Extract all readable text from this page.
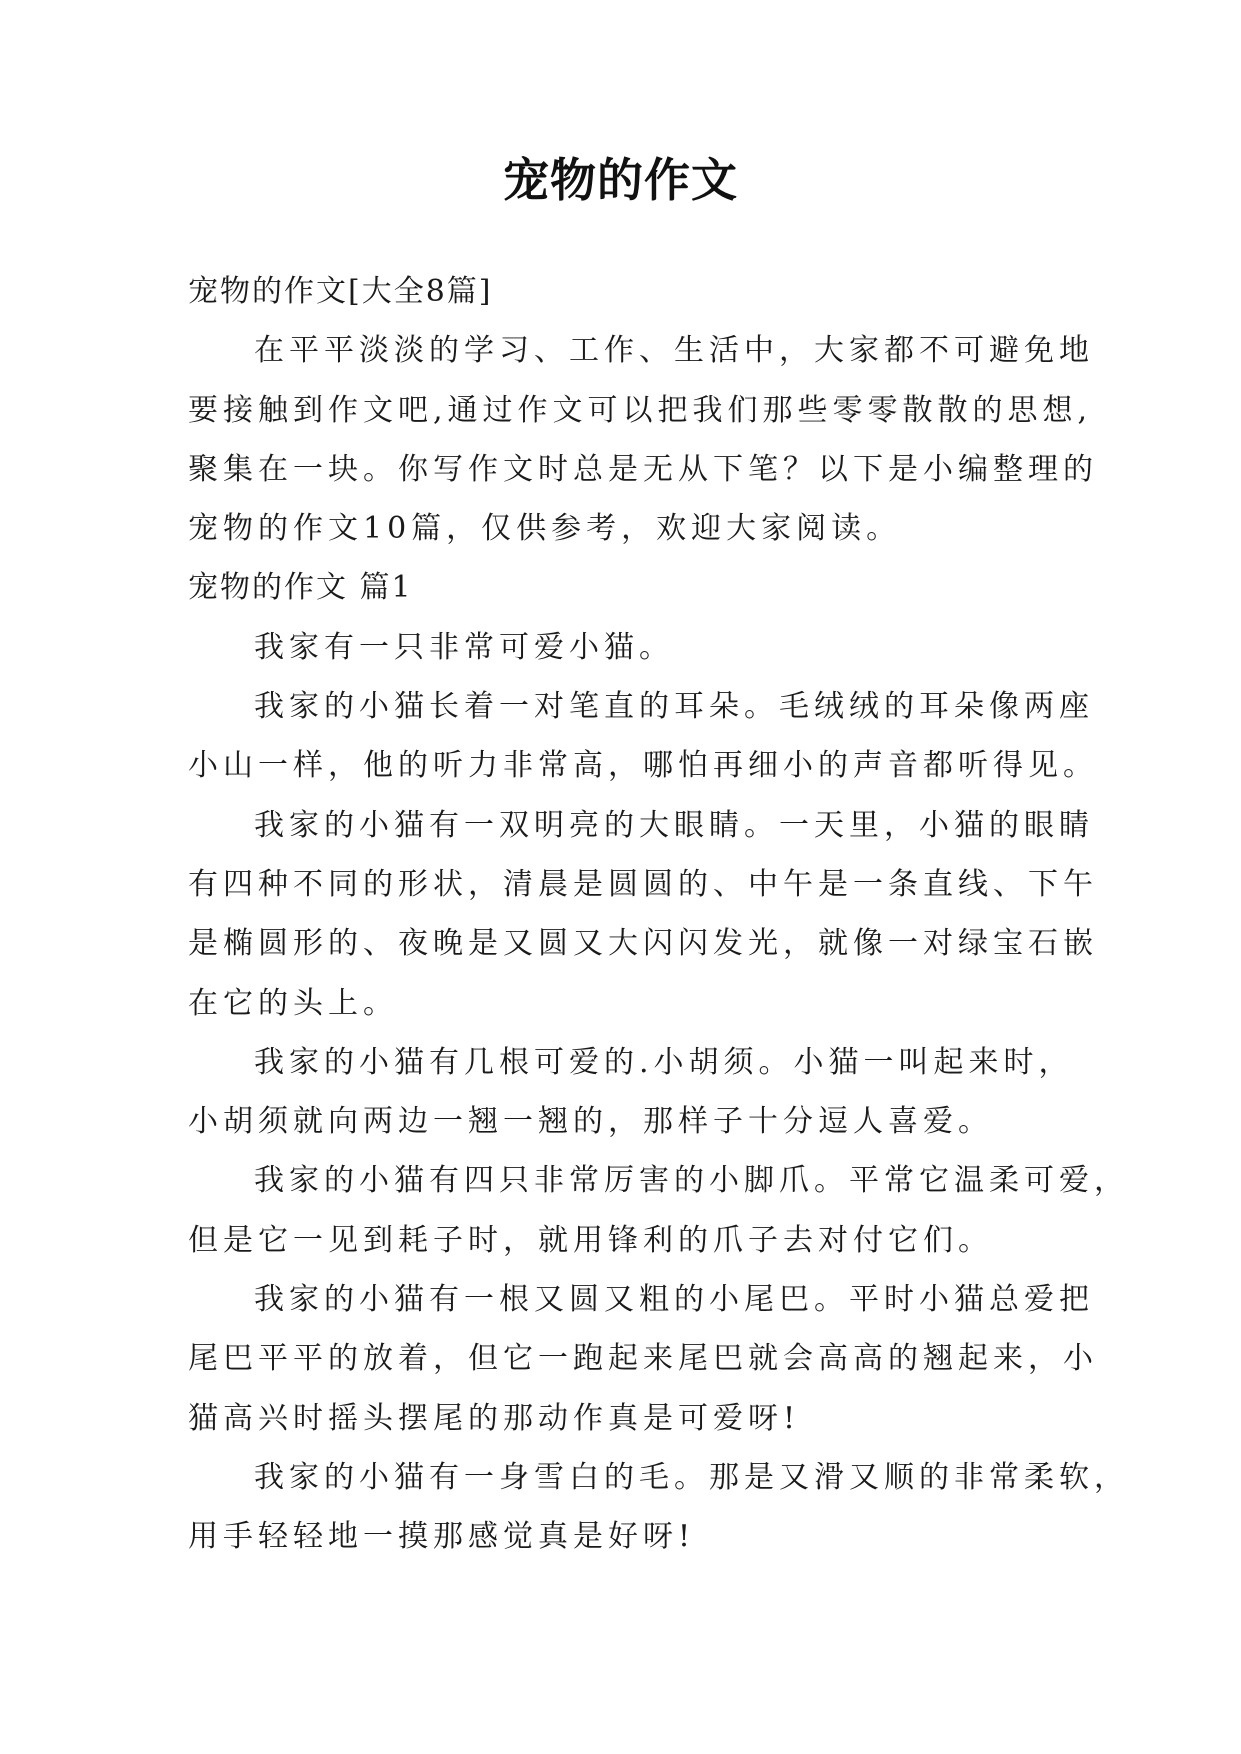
宠物的作文
宠物的作文[大全8篇]
在平平淡淡的学习、工作、生活中，大家都不可避免地
要接触到作文吧,通过作文可以把我们那些零零散散的思想,
聚集在一块。你写作文时总是无从下笔？以下是小编整理的
宠物的作文10篇，仅供参考，欢迎大家阅读。
宠物的作文 篇1
我家有一只非常可爱小猫。
我家的小猫长着一对笔直的耳朵。毛绒绒的耳朵像两座
小山一样，他的听力非常高，哪怕再细小的声音都听得见。
我家的小猫有一双明亮的大眼睛。一天里，小猫的眼睛
有四种不同的形状，清晨是圆圆的、中午是一条直线、下午
是椭圆形的、夜晚是又圆又大闪闪发光，就像一对绿宝石嵌
在它的头上。
我家的小猫有几根可爱的.小胡须。小猫一叫起来时，
小胡须就向两边一翘一翘的，那样子十分逗人喜爱。
我家的小猫有四只非常厉害的小脚爪。平常它温柔可爱，
但是它一见到耗子时，就用锋利的爪子去对付它们。
我家的小猫有一根又圆又粗的小尾巴。平时小猫总爱把
尾巴平平的放着，但它一跑起来尾巴就会高高的翘起来，小
猫高兴时摇头摆尾的那动作真是可爱呀!
我家的小猫有一身雪白的毛。那是又滑又顺的非常柔软，
用手轻轻地一摸那感觉真是好呀!
